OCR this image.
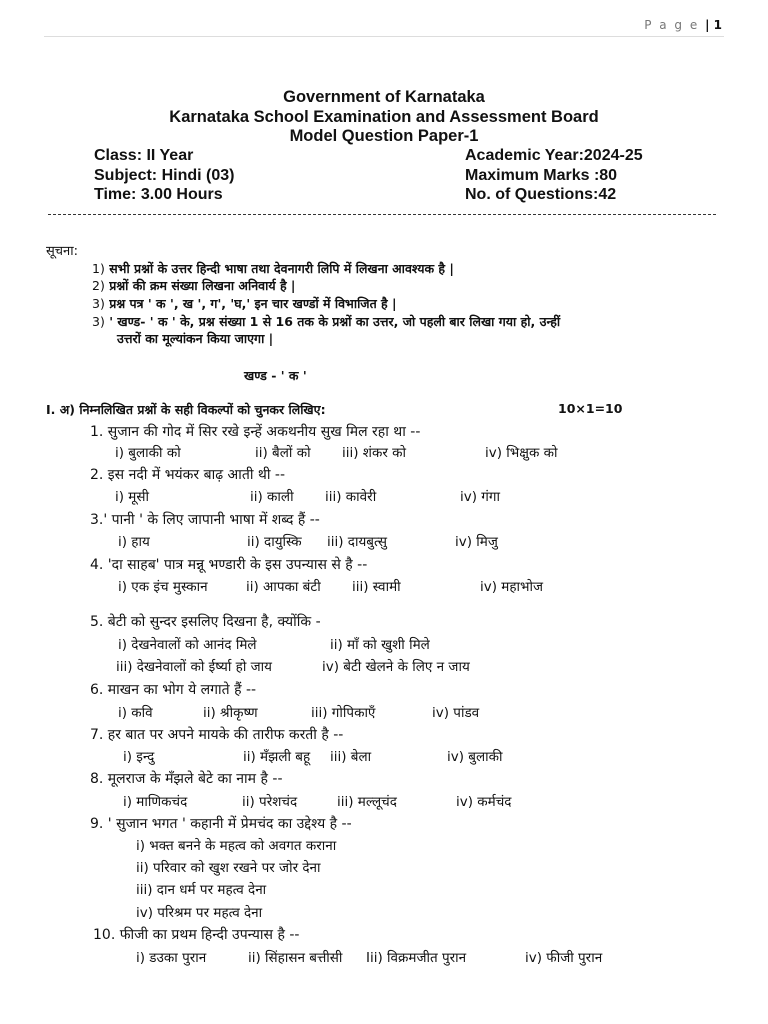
P a g e | 1
Government of Karnataka
Karnataka School Examination and Assessment Board
Model Question Paper-1
Class: II Year	Academic Year:2024-25
Subject: Hindi (03)	Maximum Marks :80
Time: 3.00 Hours	No. of Questions:42
सूचना:
1) सभी प्रश्नों के उत्तर हिन्दी भाषा तथा देवनागरी लिपि में लिखना आवश्यक है |
2) प्रश्नों की क्रम संख्या लिखना अनिवार्य है |
3) प्रश्न पत्र ' क ', ख ', ग', 'घ,' इन चार खण्डों में विभाजित है |
3) ' खण्ड- ' क ' के, प्रश्न संख्या 1 से 16 तक के प्रश्नों का उत्तर, जो पहली बार लिखा गया हो, उन्हीं
उत्तरों का मूल्यांकन किया जाएगा |
खण्ड - ' क '
I. अ) निम्नलिखित प्रश्नों के सही विकल्पों को चुनकर लिखिए:	10×1=10
1. सुजान की गोद में सिर रखे इन्हें अकथनीय सुख मिल रहा था --
i) बुलाकी को	ii) बैलों को iii) शंकर को	iv) भिक्षुक को
2. इस नदी में भयंकर बाढ़ आती थी --
i) मूसी	ii) काली iii) कावेरी	iv) गंगा
3.' पानी ' के लिए जापानी भाषा में शब्द हैं --
i) हाय	ii) दायुस्कि iii) दायबुत्सु	iv) मिजु
4. 'दा साहब' पात्र मन्नू भण्डारी के इस उपन्यास से है --
i) एक इंच मुस्कान	ii) आपका बंटी iii) स्वामी	iv) महाभोज
5. बेटी को सुन्दर इसलिए दिखना है, क्योंकि -
i) देखनेवालों को आनंद मिले	ii) माँ को खुशी मिले
iii) देखनेवालों को ईर्ष्या हो जाय	iv) बेटी खेलने के लिए न जाय
6. माखन का भोग ये लगाते हैं --
i) कवि	ii) श्रीकृष्ण	iii) गोपिकाएँ	iv) पांडव
7. हर बात पर अपने मायके की तारीफ करती है --
i) इन्दु	ii) मँझली बहू iii) बेला	iv) बुलाकी
8. मूलराज के मँझले बेटे का नाम है --
i) माणिकचंद	ii) परेशचंद	iii) मल्लूचंद	iv) कर्मचंद
9. ' सुजान भगत ' कहानी में प्रेमचंद का उद्देश्य है --
i) भक्त बनने के महत्व को अवगत कराना
ii) परिवार को खुश रखने पर जोर देना
iii) दान धर्म पर महत्व देना
iv) परिश्रम पर महत्व देना
10. फीजी का प्रथम हिन्दी उपन्यास है --
i) डउका पुरान	ii) सिंहासन बत्तीसी Iii) विक्रमजीत पुरान	iv) फीजी पुरान
